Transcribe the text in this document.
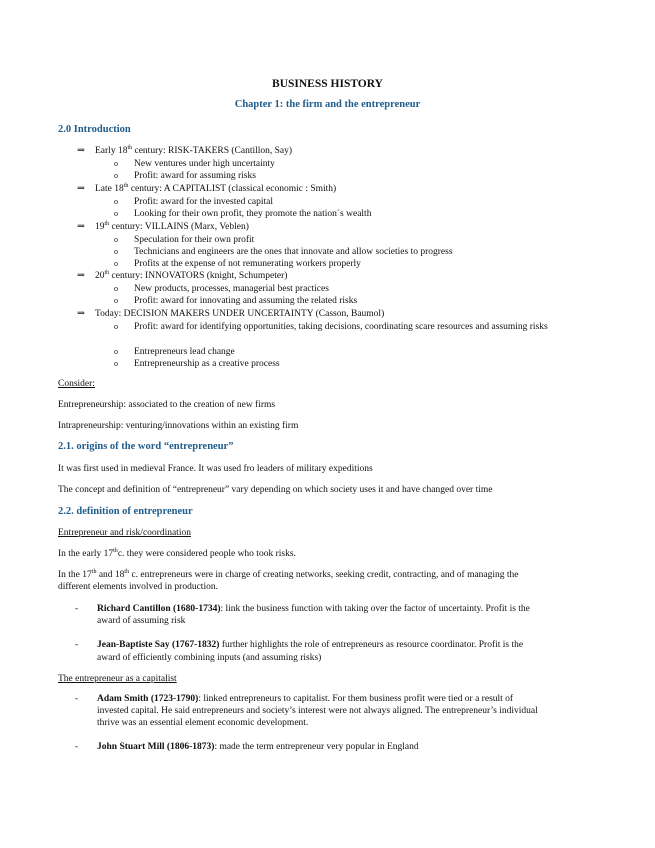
BUSINESS HISTORY
Chapter 1: the firm and the entrepreneur
2.0 Introduction
⇒	Early 18th century: RISK-TAKERS (Cantillon, Say)
o New ventures under high uncertainty
o Profit: award for assuming risks
⇒	Late 18th century: A CAPITALIST (classical economic : Smith)
o Profit: award for the invested capital
o Looking for their own profit, they promote the nation´s wealth
⇒	19th century: VILLAINS (Marx, Veblen)
o Speculation for their own profit
o Technicians and engineers are the ones that innovate and allow societies to progress
o Profits at the expense of not remunerating workers properly
⇒	20th century: INNOVATORS (knight, Schumpeter)
o New products, processes, managerial best practices
o Profit: award for innovating and assuming the related risks
⇒	Today: DECISION MAKERS UNDER UNCERTAINTY (Casson, Baumol)
o Profit: award for identifying opportunities, taking decisions, coordinating scare resources and assuming risks
o Entrepreneurs lead change
o Entrepreneurship as a creative process
Consider:
Entrepreneurship: associated to the creation of new firms
Intrapreneurship: venturing/innovations within an existing firm
2.1. origins of the word “entrepreneur”
It was first used in medieval France. It was used fro leaders of military expeditions
The concept and definition of “entrepreneur” vary depending on which society uses it and have changed over time
2.2. definition of entrepreneur
Entrepreneur and risk/coordination
In the early 17thc. they were considered people who took risks.
In the 17th and 18th c. entrepreneurs were in charge of creating networks, seeking credit, contracting, and of managing the
different elements involved in production.
- Richard Cantillon (1680-1734): link the business function with taking over the factor of uncertainty. Profit is the
award of assuming risk
- Jean-Baptiste Say (1767-1832) further highlights the role of entrepreneurs as resource coordinator. Profit is the
award of efficiently combining inputs (and assuming risks)
The entrepreneur as a capitalist
- Adam Smith (1723-1790): linked entrepreneurs to capitalist. For them business profit were tied or a result of
invested capital. He said entrepreneurs and society’s interest were not always aligned. The entrepreneur’s individual
thrive was an essential element economic development.
- John Stuart Mill (1806-1873): made the term entrepreneur very popular in England
